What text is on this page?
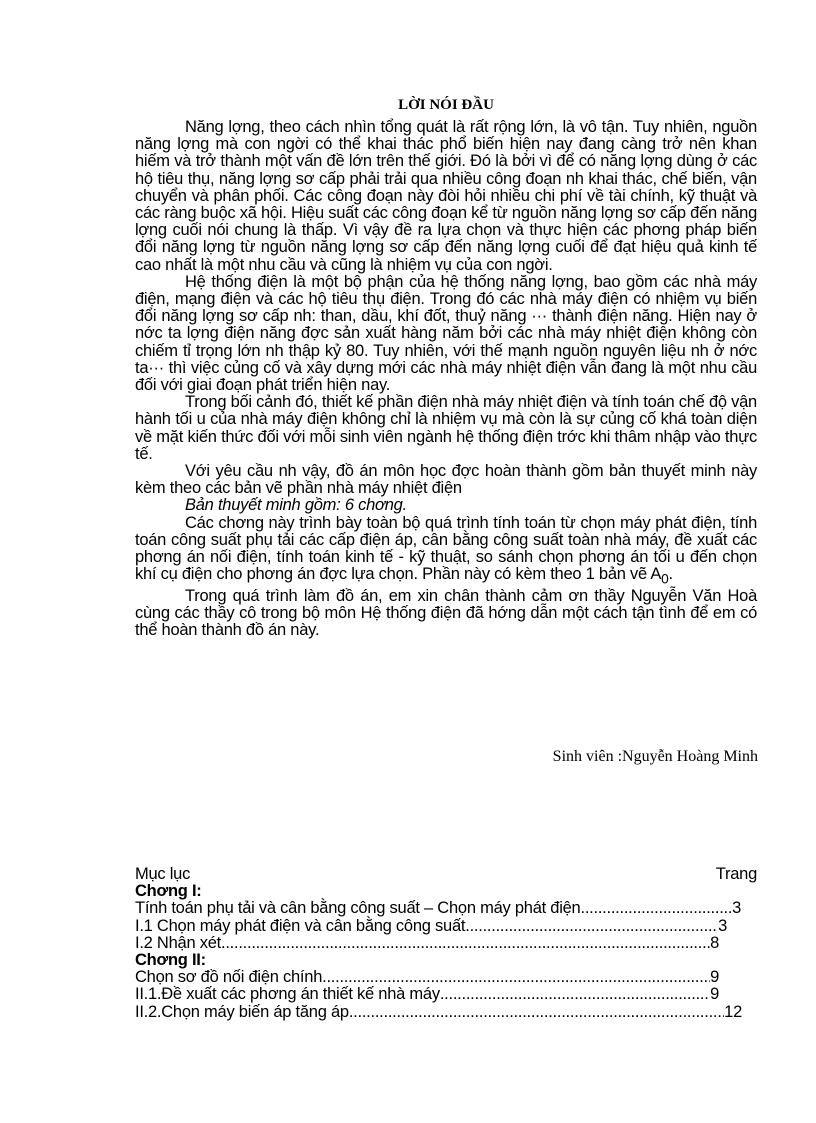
LỜI NÓI ĐẦU

Năng lợng, theo cách nhìn tổng quát là rất rộng lớn, là vô tận. Tuy nhiên, nguồn năng lợng mà con ngời có thể khai thác phổ biến hiện nay đang càng trở nên khan hiếm và trở thành một vấn đề lớn trên thế giới. Đó là bởi vì để có năng lợng dùng ở các hộ tiêu thụ, năng lợng sơ cấp phải trải qua nhiều công đoạn nh khai thác, chế biến, vận chuyển và phân phối. Các công đoạn này đòi hỏi nhiều chi phí về tài chính, kỹ thuật và các ràng buộc xã hội. Hiệu suất các công đoạn kể từ nguồn năng lợng sơ cấp đến năng lợng cuối nói chung là thấp. Vì vậy đề ra lựa chọn và thực hiện các phơng pháp biến đổi năng lợng từ nguồn năng lợng sơ cấp đến năng lợng cuối để đạt hiệu quả kinh tế cao nhất là một nhu cầu và cũng là nhiệm vụ của con ngời.

Hệ thống điện là một bộ phận của hệ thống năng lợng, bao gồm các nhà máy điện, mạng điện và các hộ tiêu thụ điện. Trong đó các nhà máy điện có nhiệm vụ biến đổi năng lợng sơ cấp nh: than, dầu, khí đốt, thuỷ năng ··· thành điện năng. Hiện nay ở nớc ta lợng điện năng đợc sản xuất hàng năm bởi các nhà máy nhiệt điện không còn chiếm tỉ trọng lớn nh thập kỷ 80. Tuy nhiên, với thế mạnh nguồn nguyên liệu nh ở nớc ta··· thì việc củng cố và xây dựng mới các nhà máy nhiệt điện vẫn đang là một nhu cầu đối với giai đoạn phát triển hiện nay.

Trong bối cảnh đó, thiết kế phần điện nhà máy nhiệt điện và tính toán chế độ vận hành tối u của nhà máy điện không chỉ là nhiệm vụ mà còn là sự củng cố khá toàn diện về mặt kiến thức đối với mỗi sinh viên ngành hệ thống điện trớc khi thâm nhập vào thực tế.

Với yêu cầu nh vậy, đồ án môn học đợc hoàn thành gồm bản thuyết minh này kèm theo các bản vẽ phần nhà máy nhiệt điện

Bản thuyết minh gồm: 6 chơng.

Các chơng này trình bày toàn bộ quá trình tính toán từ chọn máy phát điện, tính toán công suất phụ tải các cấp điện áp, cân bằng công suất toàn nhà máy, đề xuất các phơng án nối điện, tính toán kinh tế - kỹ thuật, so sánh chọn phơng án tối u đến chọn khí cụ điện cho phơng án đợc lựa chọn. Phần này có kèm theo 1 bản vẽ $A_0$.

Trong quá trình làm đồ án, em xin chân thành cảm ơn thầy Nguyễn Văn Hoà cùng các thầy cô trong bộ môn Hệ thống điện đã hớng dẫn một cách tận tình để em có thể hoàn thành đồ án này.

Sinh viên :Nguyễn Hoàng Minh
Mục lục	Trang
Chơng I:
Tính toán phụ tải và cân bằng công suất – Chọn máy phát điện .....	3
I.1 Chọn máy phát điện và cân bằng công suất .....	3
I.2 Nhận xét .....	8
Chơng II:
Chọn sơ đồ nối điện chính .....	9
II.1.Đề xuất các phơng án thiết kế nhà máy .....	9
II.2.Chọn máy biến áp tăng áp .....	12
